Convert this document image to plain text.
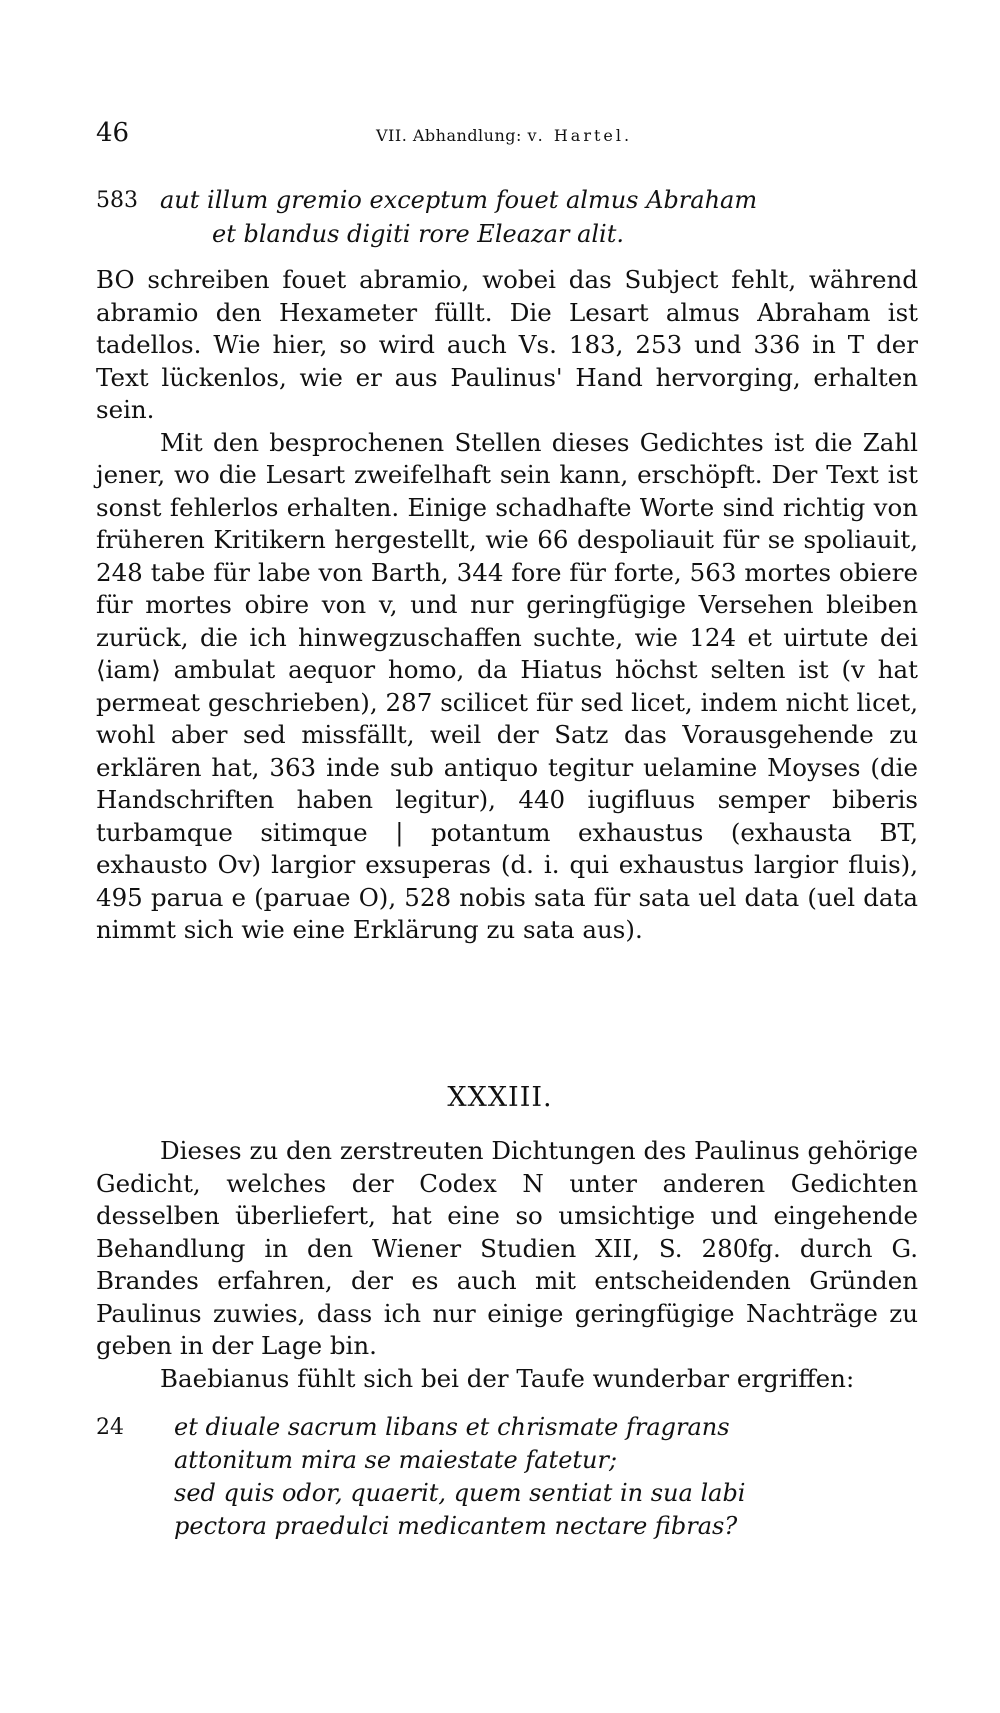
46	VII. Abhandlung: v. Hartel.
583 aut illum gremio exceptum fouet almus Abraham
et blandus digiti rore Eleazar alit.

BO schreiben fouet abramio, wobei das Subject fehlt, während abramio den Hexameter füllt. Die Lesart almus Abraham ist tadellos. Wie hier, so wird auch Vs. 183, 253 und 336 in T der Text lückenlos, wie er aus Paulinus' Hand hervorging, erhalten sein.

Mit den besprochenen Stellen dieses Gedichtes ist die Zahl jener, wo die Lesart zweifelhaft sein kann, erschöpft. Der Text ist sonst fehlerlos erhalten. Einige schadhafte Worte sind richtig von früheren Kritikern hergestellt, wie 66 despoliauit für se spoliauit, 248 tabe für labe von Barth, 344 fore für forte, 563 mortes obiere für mortes obire von v, und nur geringfügige Versehen bleiben zurück, die ich hinwegzuschaffen suchte, wie 124 et uirtute dei ⟨iam⟩ ambulat aequor homo, da Hiatus höchst selten ist (v hat permeat geschrieben), 287 scilicet für sed licet, indem nicht licet, wohl aber sed missfällt, weil der Satz das Vorausgehende zu erklären hat, 363 inde sub antiquo tegitur uelamine Moyses (die Handschriften haben legitur), 440 iugifluus semper biberis turbamque sitimque | potantum exhaustus (exhausta BT, exhausto Ov) largior exsuperas (d. i. qui exhaustus largior fluis), 495 parua e (paruae O), 528 nobis sata für sata uel data (uel data nimmt sich wie eine Erklärung zu sata aus).

XXXIII.

Dieses zu den zerstreuten Dichtungen des Paulinus gehörige Gedicht, welches der Codex N unter anderen Gedichten desselben überliefert, hat eine so umsichtige und eingehende Behandlung in den Wiener Studien XII, S. 280fg. durch G. Brandes erfahren, der es auch mit entscheidenden Gründen Paulinus zuwies, dass ich nur einige geringfügige Nachträge zu geben in der Lage bin.

Baebianus fühlt sich bei der Taufe wunderbar ergriffen:

24 et diuale sacrum libans et chrismate fragrans
attonitum mira se maiestate fatetur;
sed quis odor, quaerit, quem sentiat in sua labi
pectora praedulci medicantem nectare fibras?
